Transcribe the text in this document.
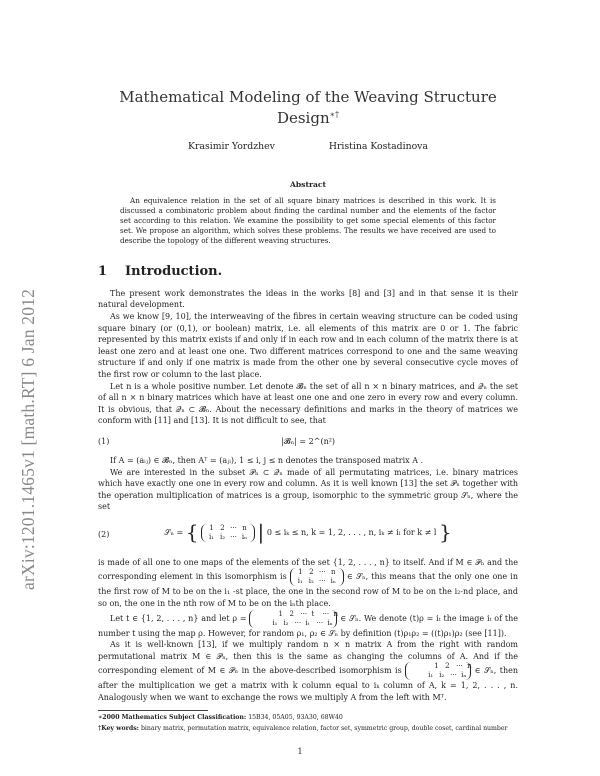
arXiv:1201.1465v1 [math.RT] 6 Jan 2012
Mathematical Modeling of the Weaving Structure Design∗†
Krasimir Yordzhev	Hristina Kostadinova
Abstract
An equivalence relation in the set of all square binary matrices is described in this work. It is discussed a combinatoric problem about finding the cardinal number and the elements of the factor set according to this relation. We examine the possibility to get some special elements of this factor set. We propose an algorithm, which solves these problems. The results we have received are used to describe the topology of the different weaving structures.
1 Introduction.

The present work demonstrates the ideas in the works [8] and [3] and in that sense it is their natural development.

As we know [9, 10], the interweaving of the fibres in certain weaving structure can be coded using square binary (or (0,1), or boolean) matrix, i.e. all elements of this matrix are 0 or 1. The fabric represented by this matrix exists if and only if in each row and in each column of the matrix there is at least one zero and at least one one. Two different matrices correspond to one and the same weaving structure if and only if one matrix is made from the other one by several consecutive cycle moves of the first row or column to the last place.

Let n is a whole positive number. Let denote 𝓑ₙ the set of all n × n binary matrices, and 𝒬ₙ the set of all n × n binary matrices which have at least one one and one zero in every row and every column. It is obvious, that 𝒬ₙ ⊂ 𝓑ₙ. About the necessary definitions and marks in the theory of matrices we conform with [11] and [13]. It is not difficult to see, that

(1)	|𝓑ₙ| = 2^(n²)

If A = (aᵢⱼ) ∈ 𝓑ₙ, then Aᵀ = (aⱼᵢ), 1 ≤ i, j ≤ n denotes the transposed matrix A .

We are interested in the subset 𝒫ₙ ⊂ 𝒬ₙ made of all permutating matrices, i.e. binary matrices which have exactly one one in every row and column. As it is well known [13] the set 𝒫ₙ together with the operation multiplication of matrices is a group, isomorphic to the symmetric group 𝒮ₙ, where the set

(2)	𝒮ₙ = { 1 2 ··· n
i₁ i₂ ··· iₙ | 0 ≤ iₖ ≤ n, k = 1, 2, . . . , n, iₖ ≠ iₗ for k ≠ l }

is made of all one to one maps of the elements of the set {1, 2, . . . , n} to itself. And if M ∈ 𝒫ₙ and the corresponding element in this isomorphism is 1 2 ··· n
i₁ i₂ ··· iₙ ∈ 𝒮ₙ, this means that the only one one in the first row of M to be on the i₁ -st place, the one in the second row of M to be on the i₂-nd place, and so on, the one in the nth row of M to be on the iₙth place.

Let t ∈ {1, 2, . . . , n} and let ρ =	1 2 ··· t ··· n
i₁ i₂ ··· iₜ ··· iₙ ∈ 𝒮ₙ. We denote (t)ρ = iₜ the image iₜ of the number t using the map ρ. However, for random ρ₁, ρ₂ ∈ 𝒮ₙ by definition (t)ρ₁ρ₂ = ((t)ρ₁)ρ₂ (see [11]).

As it is well-known [13], if we multiply random n × n matrix A from the right with random permutational matrix M ∈ 𝒫ₙ, then this is the same as changing the columns of A. And if the corresponding element of M ∈ 𝒫ₙ in the above-described isomorphism is	1 2 ··· n
i₁ i₂ ··· iₙ ∈ 𝒮ₙ, then after the multiplication we get a matrix with k column equal to iₖ column of A, k = 1, 2, . . . , n. Analogously when we want to exchange the rows we multiply A from the left with Mᵀ.

∗2000 Mathematics Subject Classification: 15B34, 05A05, 93A30, 68W40
†Key words: binary matrix, permutation matrix, equivalence relation, factor set, symmetric group, double coset, cardinal number
1
